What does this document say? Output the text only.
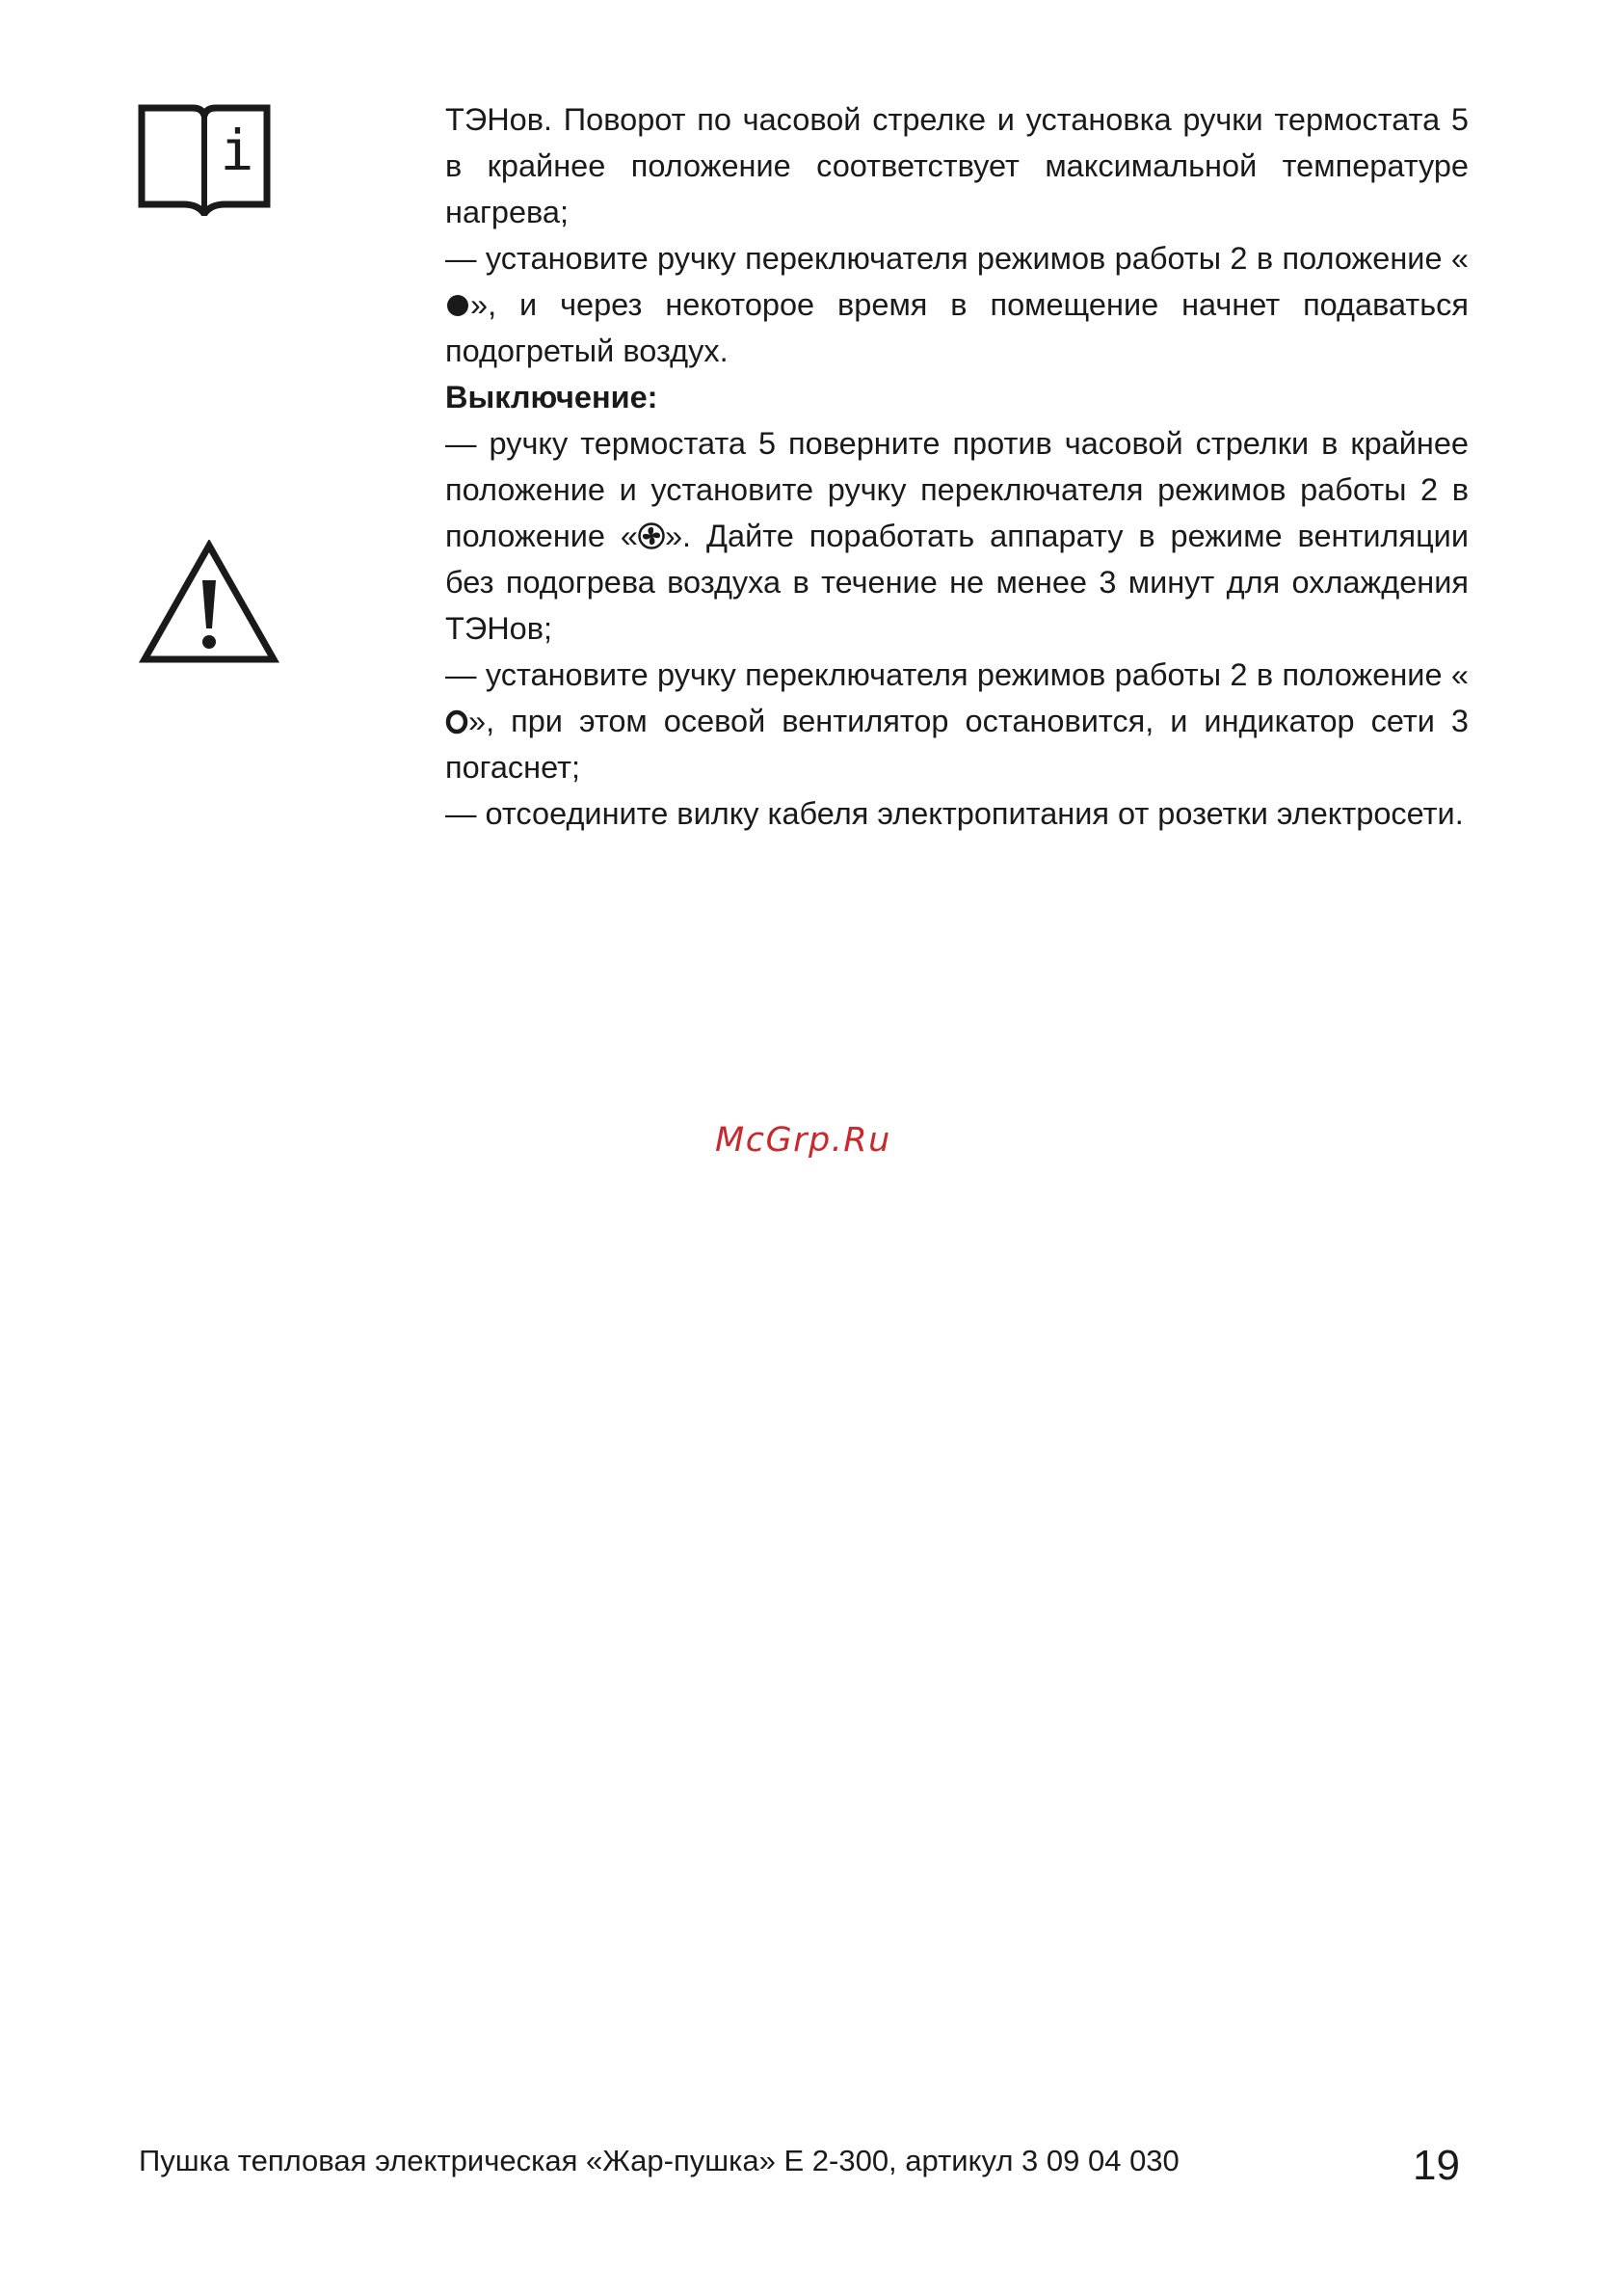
i	ТЭНов. Поворот по часовой стрелке и установка ручки термостата 5 в крайнее положение соответствует максимальной температуре нагрева;

— установите ручку переключателя режимов работы 2 в положение «», и через некоторое время в помещение начнет подаваться подогретый воздух.

Выключение:

— ручку термостата 5 поверните против часовой стрелки в крайнее положение и установите ручку переключателя режимов работы 2 в положение « ». Дайте поработать аппарату в режиме вентиляции без подогрева воздуха в течение не менее 3 минут для охлаждения ТЭНов;

— установите ручку переключателя режимов работы 2 в положение «», при этом осевой вентилятор остановится, и индикатор сети 3 погаснет;

— отсоедините вилку кабеля электропитания от розетки электросети.

McGrp.Ru
Пушка тепловая электрическая «Жар-пушка» Е 2-300, артикул 3 09 04 030	19
